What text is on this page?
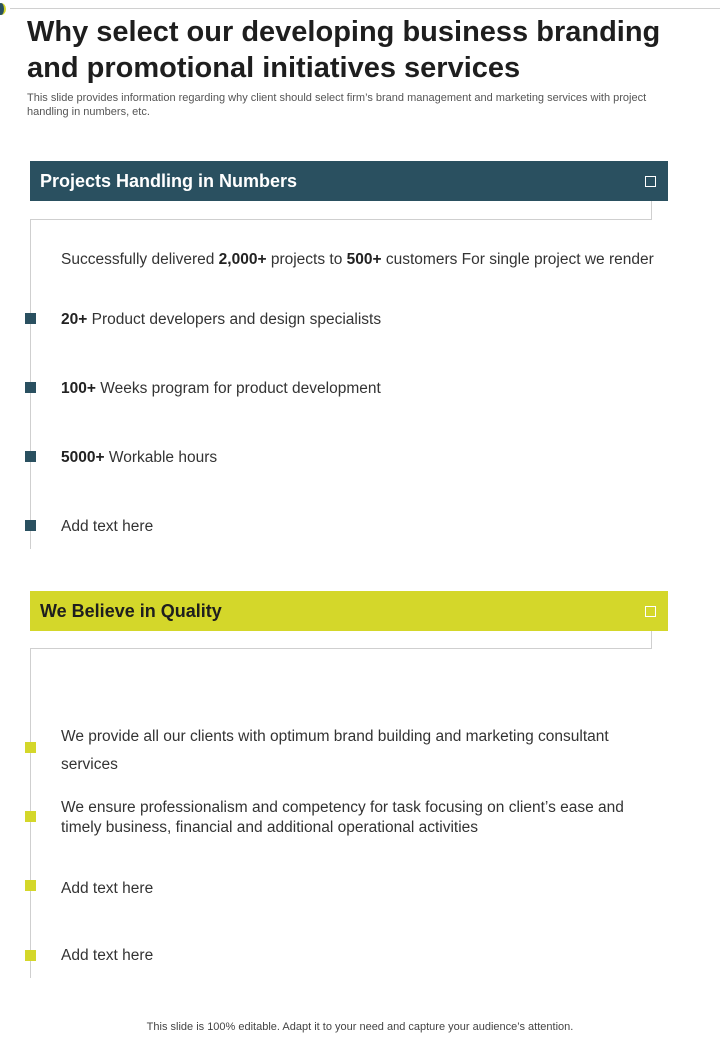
Why select our developing business branding and promotional initiatives services

This slide provides information regarding why client should select firm’s brand management and marketing services with project handling in numbers, etc.

Projects Handling in Numbers
Successfully delivered 2,000+ projects to 500+ customers For single project we render
20+ Product developers and design specialists
100+ Weeks program for product development
5000+ Workable hours
Add text here
We Believe in Quality
We provide all our clients with optimum brand building and marketing consultant services
We ensure professionalism and competency for task focusing on client’s ease and timely business, financial and additional operational activities
Add text here
Add text here
This slide is 100% editable. Adapt it to your need and capture your audience’s attention.
